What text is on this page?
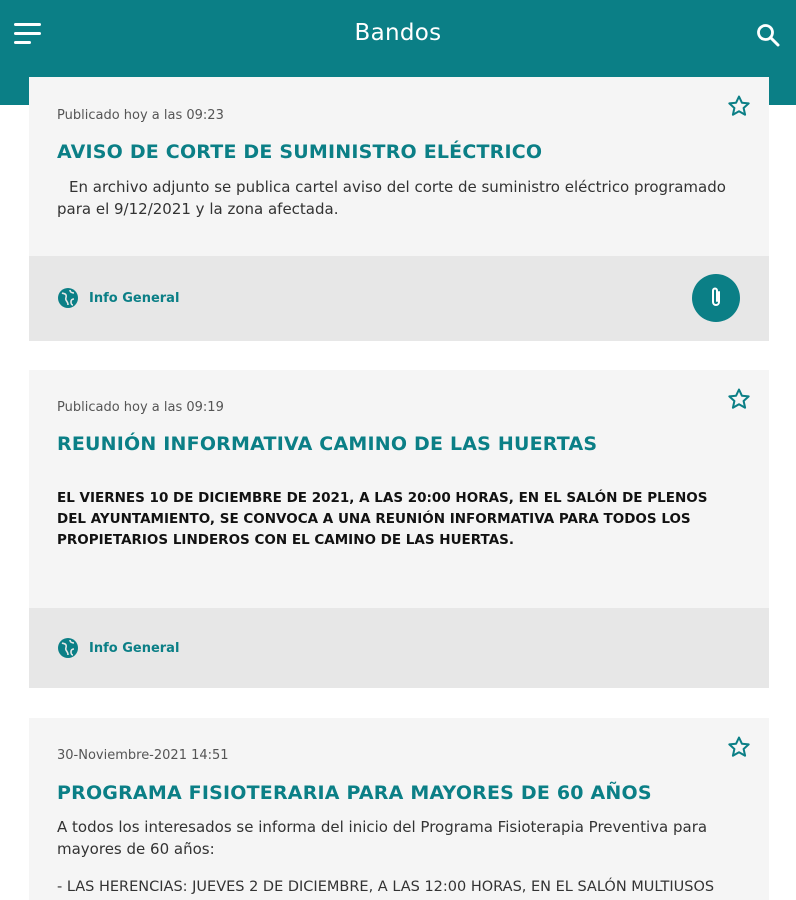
Bandos
Publicado hoy a las 09:23
AVISO DE CORTE DE SUMINISTRO ELÉCTRICO
En archivo adjunto se publica cartel aviso del corte de suministro eléctrico programado para el 9/12/2021 y la zona afectada.
Info General
Publicado hoy a las 09:19
REUNIÓN INFORMATIVA CAMINO DE LAS HUERTAS
EL VIERNES 10 DE DICIEMBRE DE 2021, A LAS 20:00 HORAS, EN EL SALÓN DE PLENOS DEL AYUNTAMIENTO, SE CONVOCA A UNA REUNIÓN INFORMATIVA PARA TODOS LOS PROPIETARIOS LINDEROS CON EL CAMINO DE LAS HUERTAS.
Info General
30-Noviembre-2021 14:51
PROGRAMA FISIOTERARIA PARA MAYORES DE 60 AÑOS
A todos los interesados se informa del inicio del Programa Fisioterapia Preventiva para mayores de 60 años:
- LAS HERENCIAS: JUEVES 2 DE DICIEMBRE, A LAS 12:00 HORAS, EN EL SALÓN MULTIUSOS
